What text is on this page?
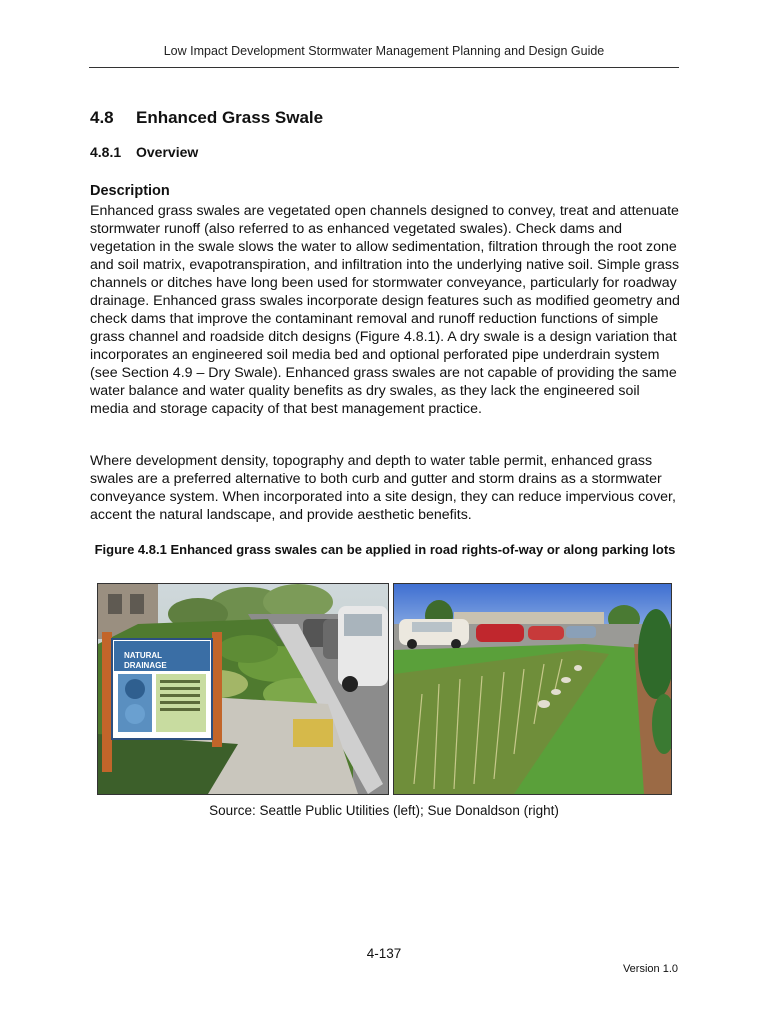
Low Impact Development Stormwater Management Planning and Design Guide
4.8 Enhanced Grass Swale
4.8.1 Overview
Description
Enhanced grass swales are vegetated open channels designed to convey, treat and attenuate stormwater runoff (also referred to as enhanced vegetated swales). Check dams and vegetation in the swale slows the water to allow sedimentation, filtration through the root zone and soil matrix, evapotranspiration, and infiltration into the underlying native soil. Simple grass channels or ditches have long been used for stormwater conveyance, particularly for roadway drainage. Enhanced grass swales incorporate design features such as modified geometry and check dams that improve the contaminant removal and runoff reduction functions of simple grass channel and roadside ditch designs (Figure 4.8.1). A dry swale is a design variation that incorporates an engineered soil media bed and optional perforated pipe underdrain system (see Section 4.9 – Dry Swale). Enhanced grass swales are not capable of providing the same water balance and water quality benefits as dry swales, as they lack the engineered soil media and storage capacity of that best management practice.
Where development density, topography and depth to water table permit, enhanced grass swales are a preferred alternative to both curb and gutter and storm drains as a stormwater conveyance system. When incorporated into a site design, they can reduce impervious cover, accent the natural landscape, and provide aesthetic benefits.
Figure 4.8.1 Enhanced grass swales can be applied in road rights-of-way or along parking lots
NATURAL
DRAINAGE
Source: Seattle Public Utilities (left); Sue Donaldson (right)
4-137
Version 1.0
